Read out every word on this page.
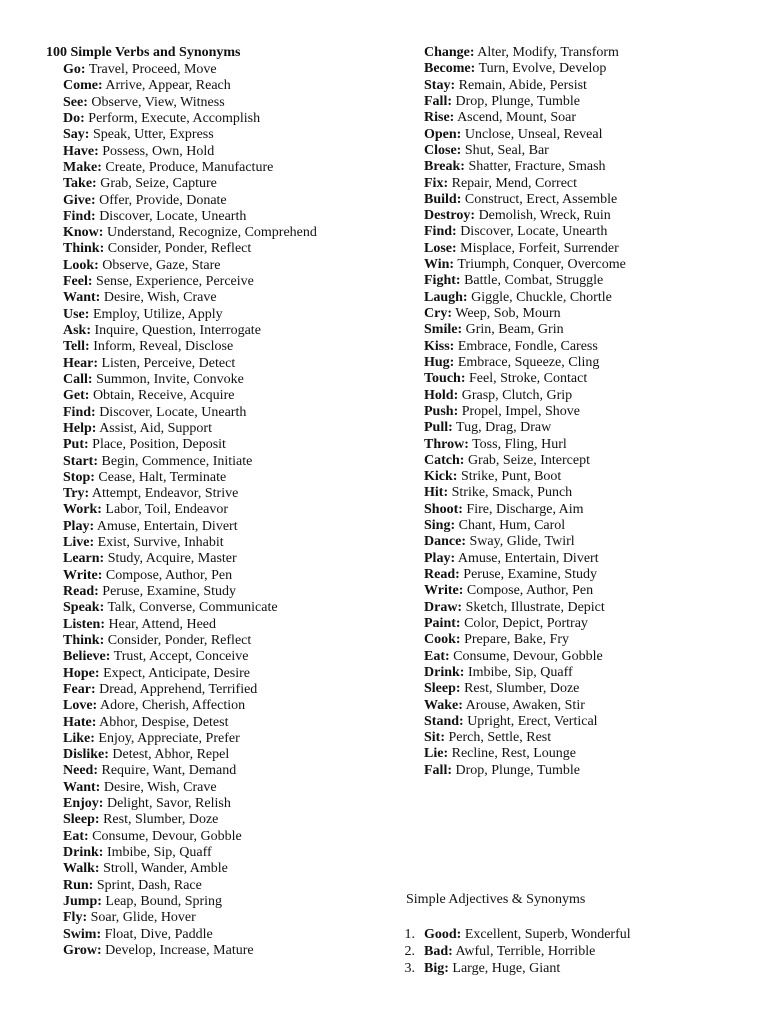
100 Simple Verbs and Synonyms
Go: Travel, Proceed, Move
Come: Arrive, Appear, Reach
See: Observe, View, Witness
Do: Perform, Execute, Accomplish
Say: Speak, Utter, Express
Have: Possess, Own, Hold
Make: Create, Produce, Manufacture
Take: Grab, Seize, Capture
Give: Offer, Provide, Donate
Find: Discover, Locate, Unearth
Know: Understand, Recognize, Comprehend
Think: Consider, Ponder, Reflect
Look: Observe, Gaze, Stare
Feel: Sense, Experience, Perceive
Want: Desire, Wish, Crave
Use: Employ, Utilize, Apply
Ask: Inquire, Question, Interrogate
Tell: Inform, Reveal, Disclose
Hear: Listen, Perceive, Detect
Call: Summon, Invite, Convoke
Get: Obtain, Receive, Acquire
Find: Discover, Locate, Unearth
Help: Assist, Aid, Support
Put: Place, Position, Deposit
Start: Begin, Commence, Initiate
Stop: Cease, Halt, Terminate
Try: Attempt, Endeavor, Strive
Work: Labor, Toil, Endeavor
Play: Amuse, Entertain, Divert
Live: Exist, Survive, Inhabit
Learn: Study, Acquire, Master
Write: Compose, Author, Pen
Read: Peruse, Examine, Study
Speak: Talk, Converse, Communicate
Listen: Hear, Attend, Heed
Think: Consider, Ponder, Reflect
Believe: Trust, Accept, Conceive
Hope: Expect, Anticipate, Desire
Fear: Dread, Apprehend, Terrified
Love: Adore, Cherish, Affection
Hate: Abhor, Despise, Detest
Like: Enjoy, Appreciate, Prefer
Dislike: Detest, Abhor, Repel
Need: Require, Want, Demand
Want: Desire, Wish, Crave
Enjoy: Delight, Savor, Relish
Sleep: Rest, Slumber, Doze
Eat: Consume, Devour, Gobble
Drink: Imbibe, Sip, Quaff
Walk: Stroll, Wander, Amble
Run: Sprint, Dash, Race
Jump: Leap, Bound, Spring
Fly: Soar, Glide, Hover
Swim: Float, Dive, Paddle
Grow: Develop, Increase, Mature
Change: Alter, Modify, Transform
Become: Turn, Evolve, Develop
Stay: Remain, Abide, Persist
Fall: Drop, Plunge, Tumble
Rise: Ascend, Mount, Soar
Open: Unclose, Unseal, Reveal
Close: Shut, Seal, Bar
Break: Shatter, Fracture, Smash
Fix: Repair, Mend, Correct
Build: Construct, Erect, Assemble
Destroy: Demolish, Wreck, Ruin
Find: Discover, Locate, Unearth
Lose: Misplace, Forfeit, Surrender
Win: Triumph, Conquer, Overcome
Fight: Battle, Combat, Struggle
Laugh: Giggle, Chuckle, Chortle
Cry: Weep, Sob, Mourn
Smile: Grin, Beam, Grin
Kiss: Embrace, Fondle, Caress
Hug: Embrace, Squeeze, Cling
Touch: Feel, Stroke, Contact
Hold: Grasp, Clutch, Grip
Push: Propel, Impel, Shove
Pull: Tug, Drag, Draw
Throw: Toss, Fling, Hurl
Catch: Grab, Seize, Intercept
Kick: Strike, Punt, Boot
Hit: Strike, Smack, Punch
Shoot: Fire, Discharge, Aim
Sing: Chant, Hum, Carol
Dance: Sway, Glide, Twirl
Play: Amuse, Entertain, Divert
Read: Peruse, Examine, Study
Write: Compose, Author, Pen
Draw: Sketch, Illustrate, Depict
Paint: Color, Depict, Portray
Cook: Prepare, Bake, Fry
Eat: Consume, Devour, Gobble
Drink: Imbibe, Sip, Quaff
Sleep: Rest, Slumber, Doze
Wake: Arouse, Awaken, Stir
Stand: Upright, Erect, Vertical
Sit: Perch, Settle, Rest
Lie: Recline, Rest, Lounge
Fall: Drop, Plunge, Tumble
Simple Adjectives & Synonyms
1. Good: Excellent, Superb, Wonderful
2. Bad: Awful, Terrible, Horrible
3. Big: Large, Huge, Giant
